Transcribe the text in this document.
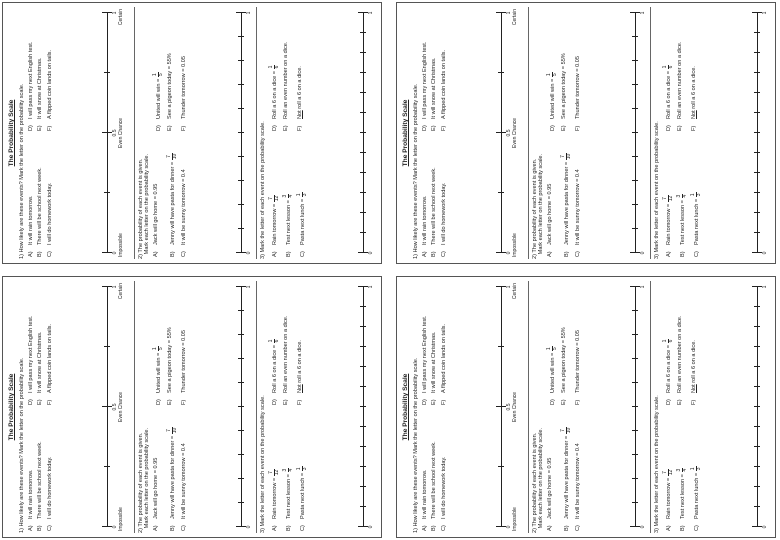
The Probability Scale 1) How likely are these events? Mark the letter on the probability scale. A)It will rain tomorrow.
D)I will pass my next English test.
B)There will be school next week.
E)It will snow at Christmas.
C)I will do homework today.
F)A flipped coin lands on tails.
0
0.5
1
Impossible
Even Chance
Certain
2) The probability of each event is given.
Mark each letter on the probability scale. A)Jack will go home = 0.95
D)United will win =
1 5
B)Jenny will have pasta for dinner =
7 10
E)See a pigeon today = 55%
C)It will be sunny tomorrow = 0.4
F)Thunder tomorrow = 0.05
0
1
3) Mark the letter of each event on the probability scale.	A)Rain tomorrow =
7 12
D)Roll a 6 on a dice =
1 6
B)Test next lesson =
3 4
E)Roll an even number on a dice.
C)Pasta next lunch =
1 3
F)Not roll a 6 on a dice.
0
1
The Probability Scale 1) How likely are these events? Mark the letter on the probability scale. A)It will rain tomorrow.
D)I will pass my next English test.
B)There will be school next week.
E)It will snow at Christmas.
C)I will do homework today.
F)A flipped coin lands on tails.
0
0.5
1
Impossible
Even Chance
Certain
2) The probability of each event is given.
Mark each letter on the probability scale. A)Jack will go home = 0.95
D)United will win =
1 5
B)Jenny will have pasta for dinner =
7 10
E)See a pigeon today = 55%
C)It will be sunny tomorrow = 0.4
F)Thunder tomorrow = 0.05
0
1
3) Mark the letter of each event on the probability scale.	A)Rain tomorrow =
7 12
D)Roll a 6 on a dice =
1 6
B)Test next lesson =
3 4
E)Roll an even number on a dice.
C)Pasta next lunch =
1 3
F)Not roll a 6 on a dice.
0
1
The Probability Scale 1) How likely are these events? Mark the letter on the probability scale. A)It will rain tomorrow.
D)I will pass my next English test.
B)There will be school next week.
E)It will snow at Christmas.
C)I will do homework today.
F)A flipped coin lands on tails.
0
0.5
1
Impossible
Even Chance
Certain
2) The probability of each event is given.
Mark each letter on the probability scale. A)Jack will go home = 0.95
D)United will win =
1 5
B)Jenny will have pasta for dinner =
7 10
E)See a pigeon today = 55%
C)It will be sunny tomorrow = 0.4
F)Thunder tomorrow = 0.05
0
1
3) Mark the letter of each event on the probability scale.	A)Rain tomorrow =
7 12
D)Roll a 6 on a dice =
1 6
B)Test next lesson =
3 4
E)Roll an even number on a dice.
C)Pasta next lunch =
1 3
F)Not roll a 6 on a dice.
0
1
The Probability Scale 1) How likely are these events? Mark the letter on the probability scale. A)It will rain tomorrow.
D)I will pass my next English test.
B)There will be school next week.
E)It will snow at Christmas.
C)I will do homework today.
F)A flipped coin lands on tails.
0
0.5
1
Impossible
Even Chance
Certain
2) The probability of each event is given.
Mark each letter on the probability scale. A)Jack will go home = 0.95
D)United will win =
1 5
B)Jenny will have pasta for dinner =
7 10
E)See a pigeon today = 55%
C)It will be sunny tomorrow = 0.4
F)Thunder tomorrow = 0.05
0
1
3) Mark the letter of each event on the probability scale.	A)Rain tomorrow =
7 12
D)Roll a 6 on a dice =
1 6
B)Test next lesson =
3 4
E)Roll an even number on a dice.
C)Pasta next lunch =
1 3
F)Not roll a 6 on a dice.
0
1
